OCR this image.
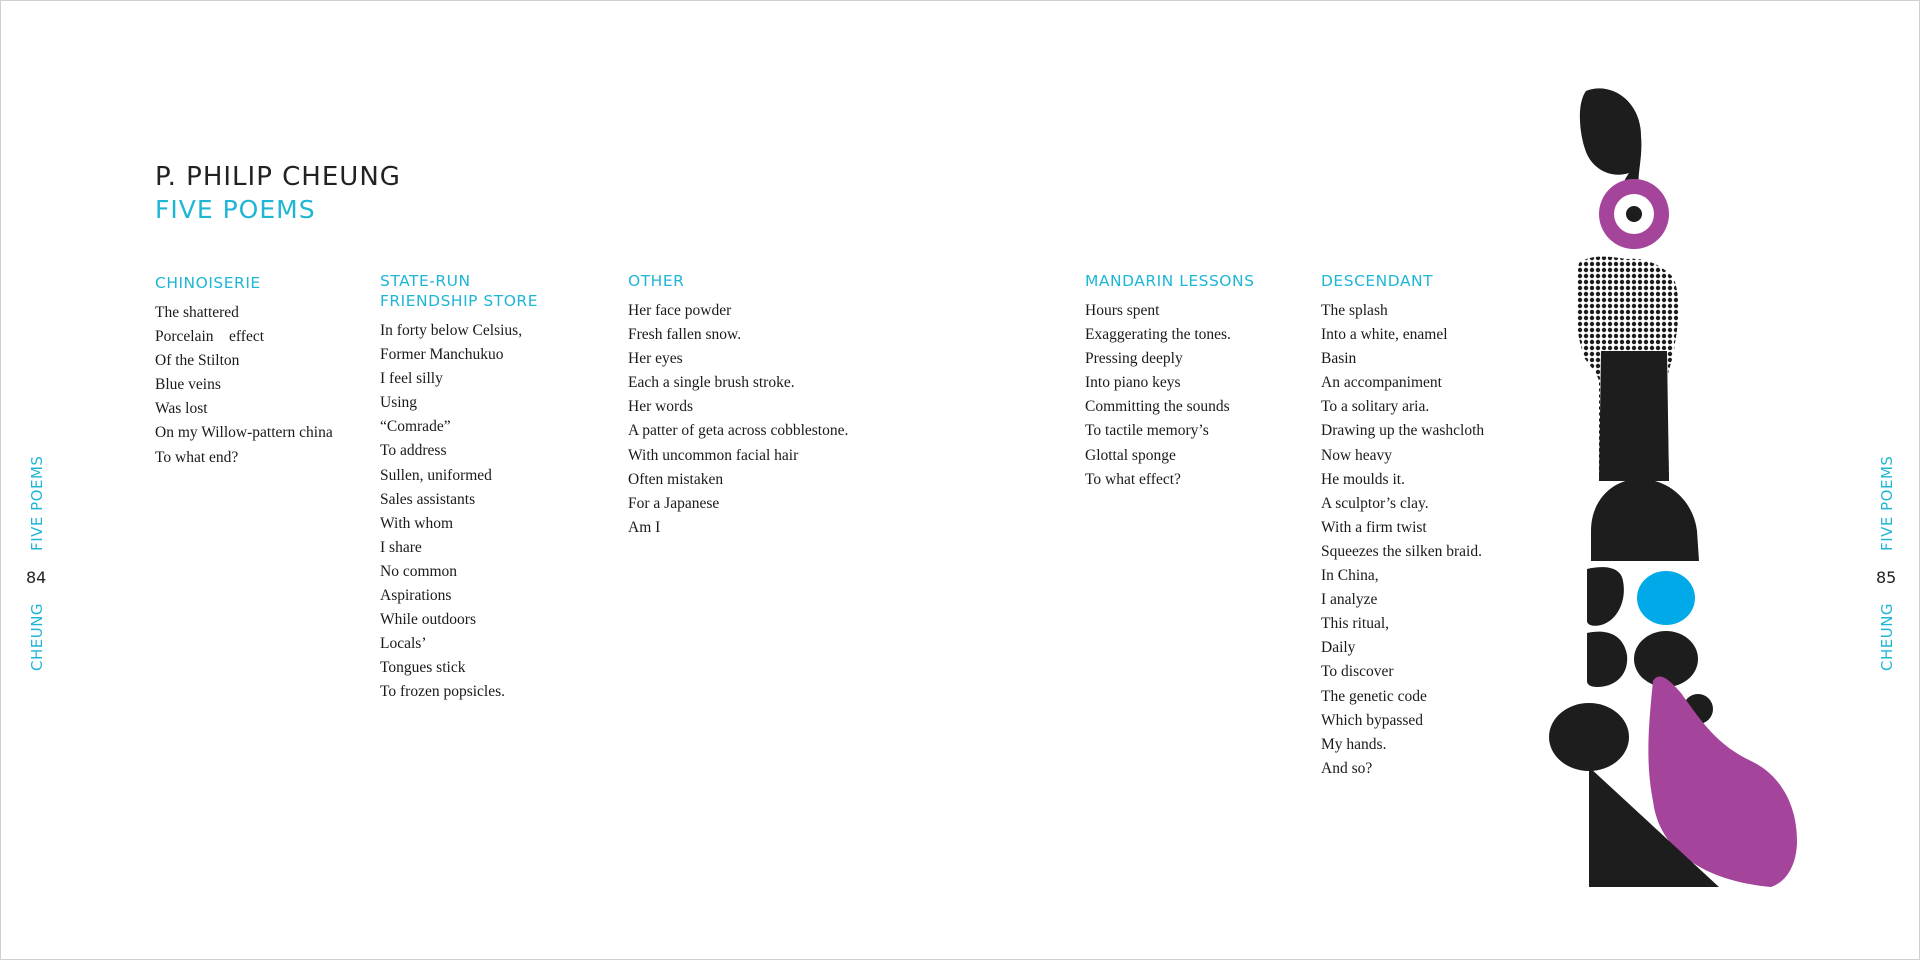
P. PHILIP CHEUNG
FIVE POEMS
CHINOISERIE
The shattered
Porcelain    effect
Of the Stilton
Blue veins
Was lost
On my Willow-pattern china
To what end?
STATE-RUN
FRIENDSHIP STORE
In forty below Celsius,
Former Manchukuo
I feel silly
Using
“Comrade”
To address
Sullen, uniformed
Sales assistants
With whom
I share
No common
Aspirations
While outdoors
Locals’
Tongues stick
To frozen popsicles.
OTHER
Her face powder
Fresh fallen snow.
Her eyes
Each a single brush stroke.
Her words
A patter of geta across cobblestone.
With uncommon facial hair
Often mistaken
For a Japanese
Am I
MANDARIN LESSONS
Hours spent
Exaggerating the tones.
Pressing deeply
Into piano keys
Committing the sounds
To tactile memory’s
Glottal sponge
To what effect?
DESCENDANT
The splash
Into a white, enamel
Basin
An accompaniment
To a solitary aria.
Drawing up the washcloth
Now heavy
He moulds it.
A sculptor’s clay.
With a firm twist
Squeezes the silken braid.
In China,
I analyze
This ritual,
Daily
To discover
The genetic code
Which bypassed
My hands.
And so?
CHEUNGFIVE POEMS
84
CHEUNGFIVE POEMS
85
